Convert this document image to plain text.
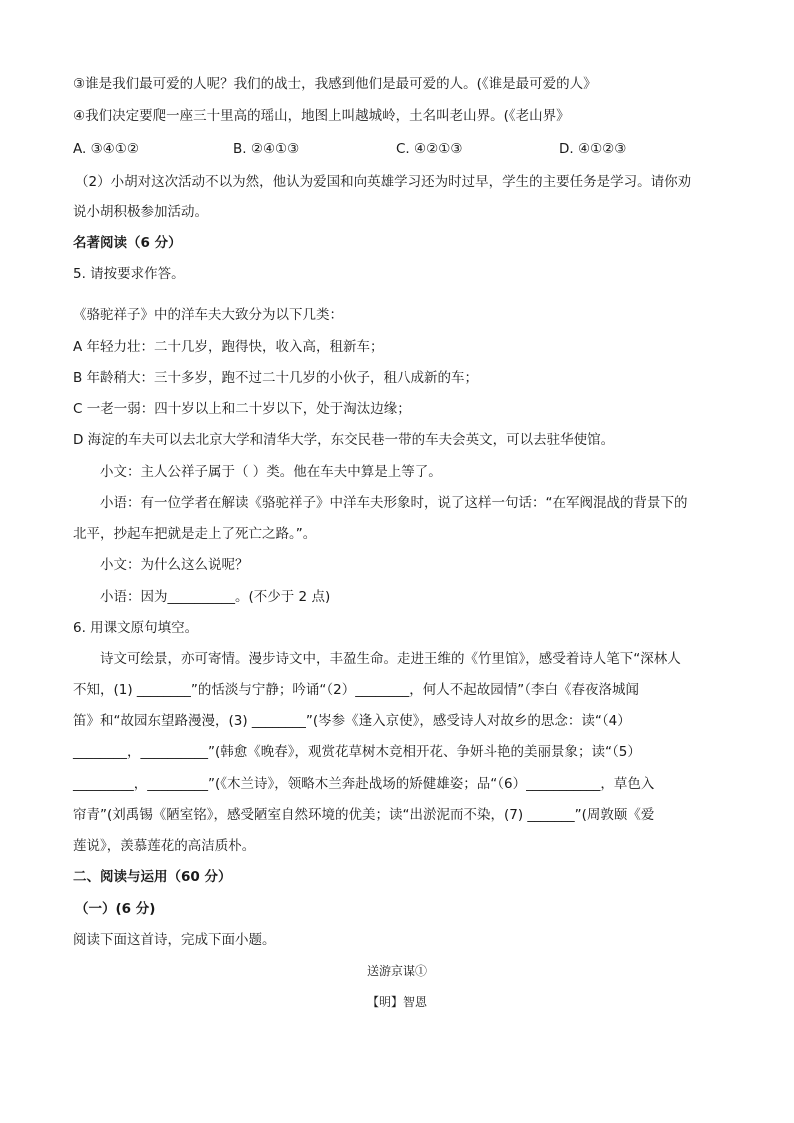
③谁是我们最可爱的人呢？我们的战士，我感到他们是最可爱的人。(《谁是最可爱的人》
④我们决定要爬一座三十里高的瑶山，地图上叫越城岭，土名叫老山界。(《老山界》
A. ③④①②	B. ②④①③	C. ④②①③	D. ④①②③
（2）小胡对这次活动不以为然，他认为爱国和向英雄学习还为时过早，学生的主要任务是学习。请你劝
说小胡积极参加活动。
名著阅读（6 分）
5. 请按要求作答。
《骆驼祥子》中的洋车夫大致分为以下几类：
A 年轻力壮：二十几岁，跑得快，收入高，租新车；
B 年龄稍大：三十多岁，跑不过二十几岁的小伙子，租八成新的车；
C 一老一弱：四十岁以上和二十岁以下，处于淘汰边缘；
D 海淀的车夫可以去北京大学和清华大学，东交民巷一带的车夫会英文，可以去驻华使馆。
小文：主人公祥子属于（ ）类。他在车夫中算是上等了。
小语：有一位学者在解读《骆驼祥子》中洋车夫形象时，说了这样一句话：“在军阀混战的背景下的
北平，抄起车把就是走上了死亡之路。”。
小文：为什么这么说呢？
小语：因为__________。(不少于 2 点)
6. 用课文原句填空。
诗文可绘景，亦可寄情。漫步诗文中，丰盈生命。走进王维的《竹里馆》，感受着诗人笔下“深林人
不知，(1) ________”的恬淡与宁静；吟诵“（2）________，何人不起故园情”（李白《春夜洛城闻
笛》和“故园东望路漫漫，(3) ________”(岑参《逢入京使》，感受诗人对故乡的思念：读“（4）
________，__________”(韩愈《晚春》，观赏花草树木竞相开花、争妍斗艳的美丽景象；读“（5）
_________，_________”(《木兰诗》，领略木兰奔赴战场的矫健雄姿；品“（6）___________，草色入
帘青”(刘禹锡《陋室铭》，感受陋室自然环境的优美；读“出淤泥而不染，(7) _______”(周敦颐《爱
莲说》，羡慕莲花的高洁质朴。
二、阅读与运用（60 分）
（一）(6 分)
阅读下面这首诗，完成下面小题。
送游京谋①
【明】智恩
